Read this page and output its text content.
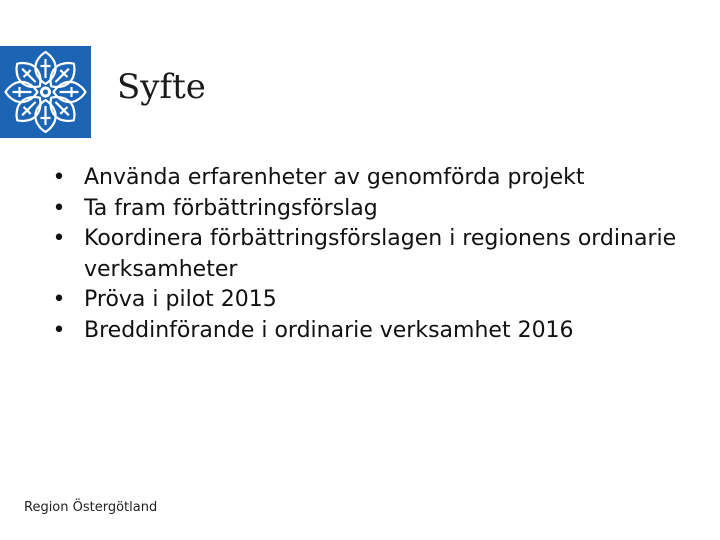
Syfte
• Använda erfarenheter av genomförda projekt
• Ta fram förbättringsförslag
• Koordinera förbättringsförslagen i regionens ordinarie verksamheter
• Pröva i pilot 2015
• Breddinförande i ordinarie verksamhet 2016
Region Östergötland
